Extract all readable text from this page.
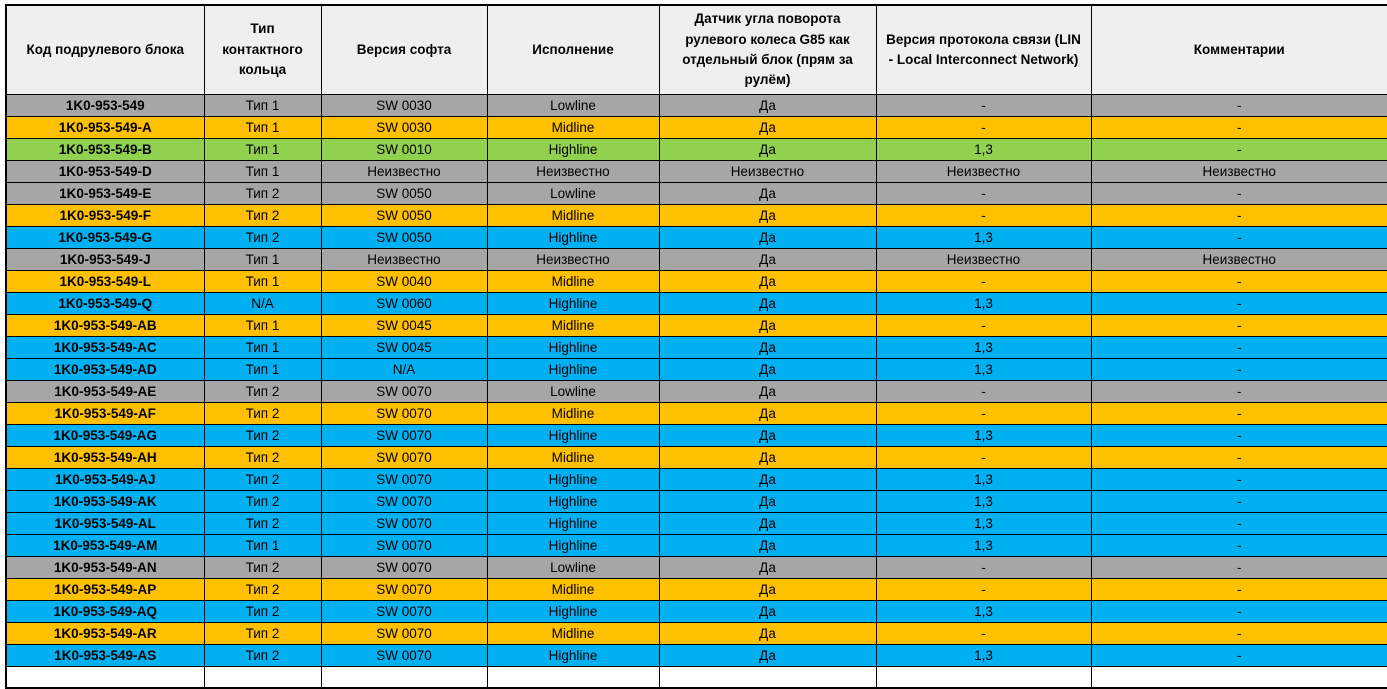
Код подрулевого блока	Тип контактного кольца	Версия софта	Исполнение	Датчик угла поворота рулевого колеса G85 как отдельный блок (прям за рулём)	Версия протокола связи (LIN - Local Interconnect Network)	Комментарии
1K0-953-549	Тип 1	SW 0030	Lowline	Да	-	-
1K0-953-549-A	Тип 1	SW 0030	Midline	Да	-	-
1K0-953-549-B	Тип 1	SW 0010	Highline	Да	1,3	-
1K0-953-549-D	Тип 1	Неизвестно	Неизвестно	Неизвестно	Неизвестно	Неизвестно
1K0-953-549-E	Тип 2	SW 0050	Lowline	Да	-	-
1K0-953-549-F	Тип 2	SW 0050	Midline	Да	-	-
1K0-953-549-G	Тип 2	SW 0050	Highline	Да	1,3	-
1K0-953-549-J	Тип 1	Неизвестно	Неизвестно	Да	Неизвестно	Неизвестно
1K0-953-549-L	Тип 1	SW 0040	Midline	Да	-	-
1K0-953-549-Q	N/A	SW 0060	Highline	Да	1,3	-
1K0-953-549-AB	Тип 1	SW 0045	Midline	Да	-	-
1K0-953-549-AC	Тип 1	SW 0045	Highline	Да	1,3	-
1K0-953-549-AD	Тип 1	N/A	Highline	Да	1,3	-
1K0-953-549-AE	Тип 2	SW 0070	Lowline	Да	-	-
1K0-953-549-AF	Тип 2	SW 0070	Midline	Да	-	-
1K0-953-549-AG	Тип 2	SW 0070	Highline	Да	1,3	-
1K0-953-549-AH	Тип 2	SW 0070	Midline	Да	-	-
1K0-953-549-AJ	Тип 2	SW 0070	Highline	Да	1,3	-
1K0-953-549-AK	Тип 2	SW 0070	Highline	Да	1,3	-
1K0-953-549-AL	Тип 2	SW 0070	Highline	Да	1,3	-
1K0-953-549-AM	Тип 1	SW 0070	Highline	Да	1,3	-
1K0-953-549-AN	Тип 2	SW 0070	Lowline	Да	-	-
1K0-953-549-AP	Тип 2	SW 0070	Midline	Да	-	-
1K0-953-549-AQ	Тип 2	SW 0070	Highline	Да	1,3	-
1K0-953-549-AR	Тип 2	SW 0070	Midline	Да	-	-
1K0-953-549-AS	Тип 2	SW 0070	Highline	Да	1,3	-
